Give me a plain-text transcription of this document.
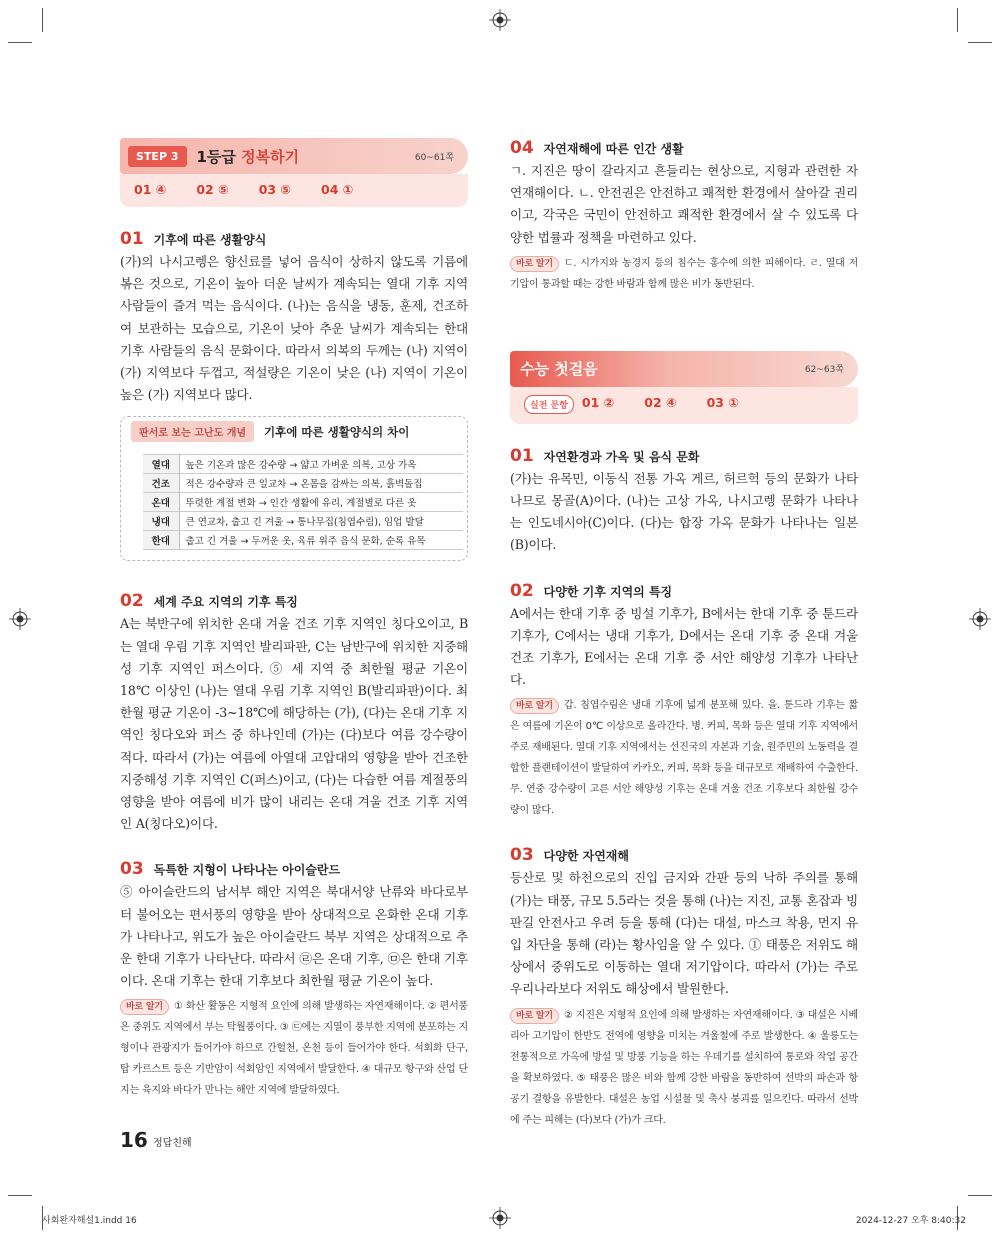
STEP 3	1등급 정복하기	60~61쪽
01 ④ 02 ⑤ 03 ⑤ 04 ①
01 기후에 따른 생활양식

(가)의 나시고렝은 향신료를 넣어 음식이 상하지 않도록 기름에 볶은 것으로, 기온이 높아 더운 날씨가 계속되는 열대 기후 지역 사람들이 즐겨 먹는 음식이다. (나)는 음식을 냉동, 훈제, 건조하여 보관하는 모습으로, 기온이 낮아 추운 날씨가 계속되는 한대 기후 사람들의 음식 문화이다. 따라서 의복의 두께는 (나) 지역이 (가) 지역보다 두껍고, 적설량은 기온이 낮은 (나) 지역이 기온이 높은 (가) 지역보다 많다.

판서로 보는 고난도 개념	기후에 따른 생활양식의 차이
열대	높은 기온과 많은 강수량 → 얇고 가벼운 의복, 고상 가옥
건조	적은 강수량과 큰 일교차 → 온몸을 감싸는 의복, 흙벽돌집
온대	뚜렷한 계절 변화 → 인간 생활에 유리, 계절별로 다른 옷
냉대	큰 연교차, 춥고 긴 겨울 → 통나무집(침엽수림), 임업 발달
한대	춥고 긴 겨울 → 두꺼운 옷, 육류 위주 음식 문화, 순록 유목
02 세계 주요 지역의 기후 특징

A는 북반구에 위치한 온대 겨울 건조 기후 지역인 칭다오이고, B는 열대 우림 기후 지역인 발리파판, C는 남반구에 위치한 지중해성 기후 지역인 퍼스이다. ⑤ 세 지역 중 최한월 평균 기온이 18℃ 이상인 (나)는 열대 우림 기후 지역인 B(발리파판)이다. 최한월 평균 기온이 -3~18℃에 해당하는 (가), (다)는 온대 기후 지역인 칭다오와 퍼스 중 하나인데 (가)는 (다)보다 여름 강수량이 적다. 따라서 (가)는 여름에 아열대 고압대의 영향을 받아 건조한 지중해성 기후 지역인 C(퍼스)이고, (다)는 다습한 여름 계절풍의 영향을 받아 여름에 비가 많이 내리는 온대 겨울 건조 기후 지역인 A(칭다오)이다.

03 독특한 지형이 나타나는 아이슬란드

⑤ 아이슬란드의 남서부 해안 지역은 북대서양 난류와 바다로부터 불어오는 편서풍의 영향을 받아 상대적으로 온화한 온대 기후가 나타나고, 위도가 높은 아이슬란드 북부 지역은 상대적으로 추운 한대 기후가 나타난다. 따라서 ㉣은 온대 기후, ㉤은 한대 기후이다. 온대 기후는 한대 기후보다 최한월 평균 기온이 높다.

바로 알기 ① 화산 활동은 지형적 요인에 의해 발생하는 자연재해이다. ② 편서풍은 중위도 지역에서 부는 탁월풍이다. ③ ㉢에는 지열이 풍부한 지역에 분포하는 지형이나 관광지가 들어가야 하므로 간헐천, 온천 등이 들어가야 한다. 석회화 단구, 탑 카르스트 등은 기반암이 석회암인 지역에서 발달한다. ④ 대규모 항구와 산업 단지는 육지와 바다가 만나는 해안 지역에 발달하였다.

04 자연재해에 따른 인간 생활

ㄱ. 지진은 땅이 갈라지고 흔들리는 현상으로, 지형과 관련한 자연재해이다. ㄴ. 안전권은 안전하고 쾌적한 환경에서 살아갈 권리이고, 각국은 국민이 안전하고 쾌적한 환경에서 살 수 있도록 다양한 법률과 정책을 마련하고 있다.

바로 알기 ㄷ. 시가지와 농경지 등의 침수는 홍수에 의한 피해이다. ㄹ. 열대 저기압이 통과할 때는 강한 바람과 함께 많은 비가 동반된다.

수능 첫걸음	62~63쪽
실전 문항	01 ② 02 ④ 03 ①
01 자연환경과 가옥 및 음식 문화

(가)는 유목민, 이동식 전통 가옥 게르, 허르헉 등의 문화가 나타나므로 몽골(A)이다. (나)는 고상 가옥, 나시고렝 문화가 나타나는 인도네시아(C)이다. (다)는 합장 가옥 문화가 나타나는 일본(B)이다.

02 다양한 기후 지역의 특징

A에서는 한대 기후 중 빙설 기후가, B에서는 한대 기후 중 툰드라 기후가, C에서는 냉대 기후가, D에서는 온대 기후 중 온대 겨울 건조 기후가, E에서는 온대 기후 중 서안 해양성 기후가 나타난다.

바로 알기 갑. 침엽수림은 냉대 기후에 넓게 분포해 있다. 을. 툰드라 기후는 짧은 여름에 기온이 0℃ 이상으로 올라간다. 병. 커피, 목화 등은 열대 기후 지역에서 주로 재배된다. 열대 기후 지역에서는 선진국의 자본과 기술, 원주민의 노동력을 결합한 플랜테이션이 발달하여 카카오, 커피, 목화 등을 대규모로 재배하여 수출한다. 무. 연중 강수량이 고른 서안 해양성 기후는 온대 겨울 건조 기후보다 최한월 강수량이 많다.

03 다양한 자연재해

등산로 및 하천으로의 진입 금지와 간판 등의 낙하 주의를 통해 (가)는 태풍, 규모 5.5라는 것을 통해 (나)는 지진, 교통 혼잡과 빙판길 안전사고 우려 등을 통해 (다)는 대설, 마스크 착용, 먼지 유입 차단을 통해 (라)는 황사임을 알 수 있다. ① 태풍은 저위도 해상에서 중위도로 이동하는 열대 저기압이다. 따라서 (가)는 주로 우리나라보다 저위도 해상에서 발원한다.

바로 알기 ② 지진은 지형적 요인에 의해 발생하는 자연재해이다. ③ 대설은 시베리아 고기압이 한반도 전역에 영향을 미치는 겨울철에 주로 발생한다. ④ 울릉도는 전통적으로 가옥에 방설 및 방풍 기능을 하는 우데기를 설치하여 통로와 작업 공간을 확보하였다. ⑤ 태풍은 많은 비와 함께 강한 바람을 동반하여 선박의 파손과 항공기 결항을 유발한다. 대설은 농업 시설물 및 축사 붕괴를 일으킨다. 따라서 선박에 주는 피해는 (다)보다 (가)가 크다.

16 정답친해
사회완자해설1.indd 16	2024-12-27 오후 8:40:32
